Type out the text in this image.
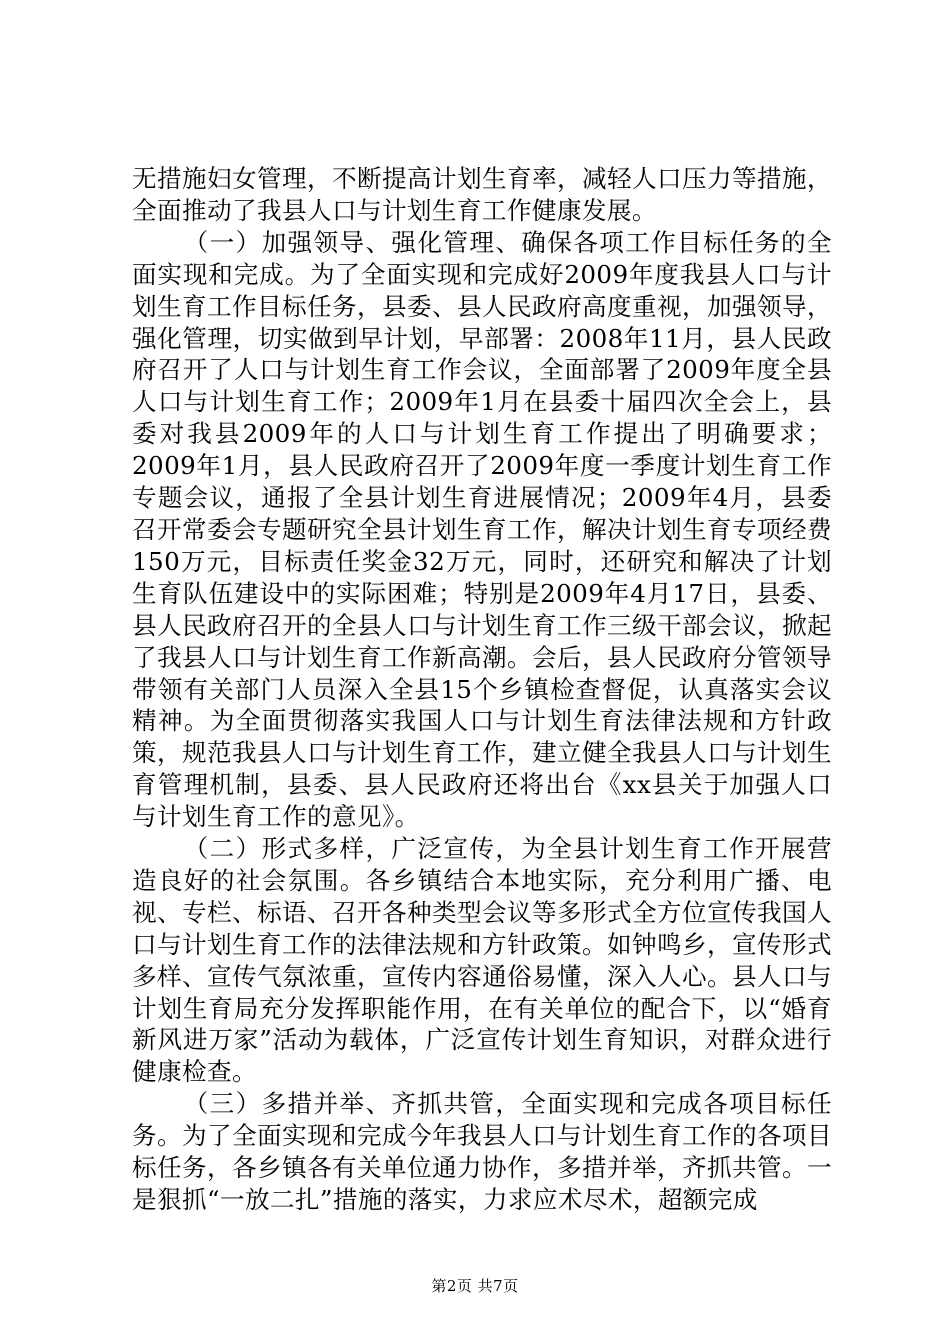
无措施妇女管理，不断提高计划生育率，减轻人口压力等措施，全面推动了我县人口与计划生育工作健康发展。

（一）加强领导、强化管理、确保各项工作目标任务的全面实现和完成。为了全面实现和完成好2009年度我县人口与计划生育工作目标任务，县委、县人民政府高度重视，加强领导，强化管理，切实做到早计划，早部署：2008年11月，县人民政府召开了人口与计划生育工作会议，全面部署了2009年度全县人口与计划生育工作；2009年1月在县委十届四次全会上，县委对我县2009年的人口与计划生育工作提出了明确要求；2009年1月，县人民政府召开了2009年度一季度计划生育工作专题会议，通报了全县计划生育进展情况；2009年4月，县委召开常委会专题研究全县计划生育工作，解决计划生育专项经费150万元，目标责任奖金32万元，同时，还研究和解决了计划生育队伍建设中的实际困难；特别是2009年4月17日，县委、县人民政府召开的全县人口与计划生育工作三级干部会议，掀起了我县人口与计划生育工作新高潮。会后，县人民政府分管领导带领有关部门人员深入全县15个乡镇检查督促，认真落实会议精神。为全面贯彻落实我国人口与计划生育法律法规和方针政策，规范我县人口与计划生育工作，建立健全我县人口与计划生育管理机制，县委、县人民政府还将出台《xx县关于加强人口与计划生育工作的意见》。

（二）形式多样，广泛宣传，为全县计划生育工作开展营造良好的社会氛围。各乡镇结合本地实际，充分利用广播、电视、专栏、标语、召开各种类型会议等多形式全方位宣传我国人口与计划生育工作的法律法规和方针政策。如钟鸣乡，宣传形式多样、宣传气氛浓重，宣传内容通俗易懂，深入人心。县人口与计划生育局充分发挥职能作用，在有关单位的配合下，以“婚育新风进万家”活动为载体，广泛宣传计划生育知识，对群众进行健康检查。

（三）多措并举、齐抓共管，全面实现和完成各项目标任务。为了全面实现和完成今年我县人口与计划生育工作的各项目标任务，各乡镇各有关单位通力协作，多措并举，齐抓共管。一是狠抓“一放二扎”措施的落实，力求应术尽术，超额完成

第2页 共7页
